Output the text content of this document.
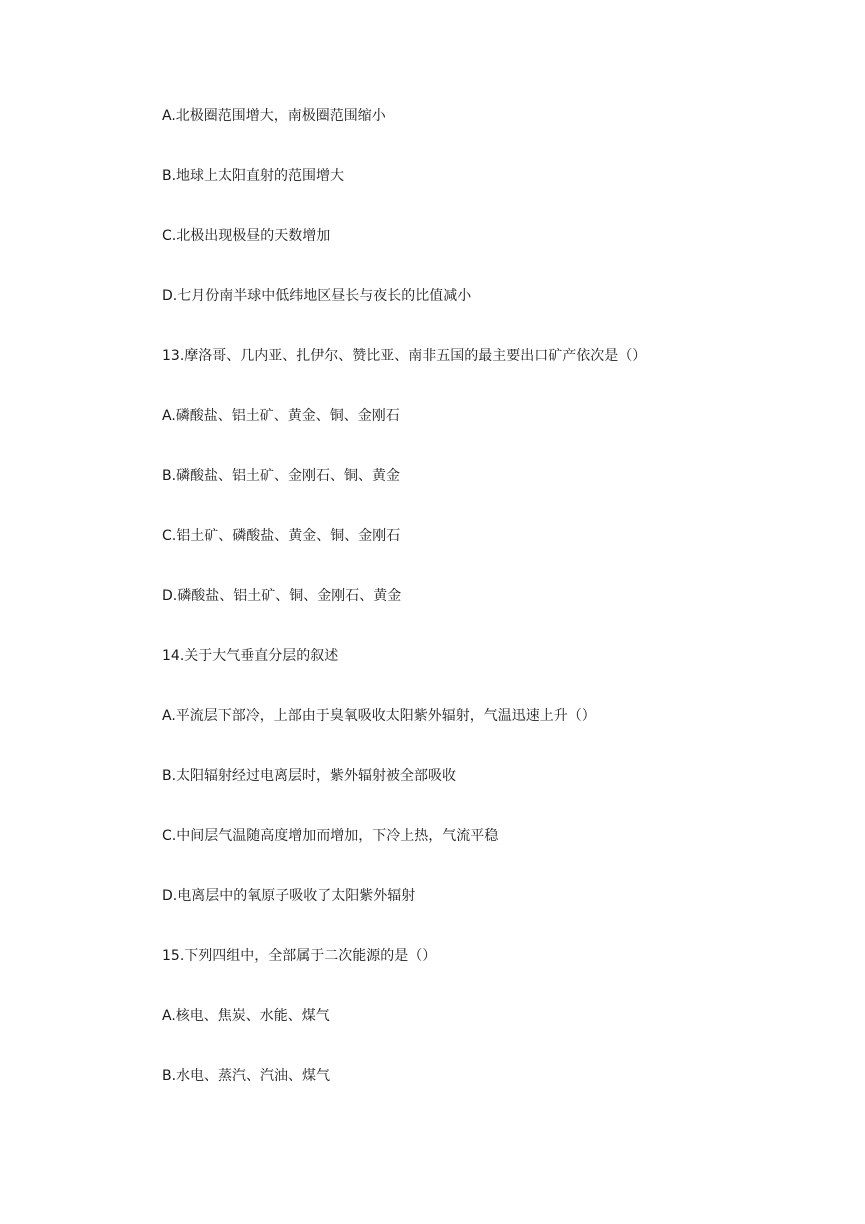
A.北极圈范围增大，南极圈范围缩小

B.地球上太阳直射的范围增大

C.北极出现极昼的天数增加

D.七月份南半球中低纬地区昼长与夜长的比值减小

13.摩洛哥、几内亚、扎伊尔、赞比亚、南非五国的最主要出口矿产依次是（）

A.磷酸盐、铝土矿、黄金、铜、金刚石

B.磷酸盐、铝土矿、金刚石、铜、黄金

C.铝土矿、磷酸盐、黄金、铜、金刚石

D.磷酸盐、铝土矿、铜、金刚石、黄金

14.关于大气垂直分层的叙述

A.平流层下部冷，上部由于臭氧吸收太阳紫外辐射，气温迅速上升（）

B.太阳辐射经过电离层时，紫外辐射被全部吸收

C.中间层气温随高度增加而增加，下冷上热，气流平稳

D.电离层中的氧原子吸收了太阳紫外辐射

15.下列四组中，全部属于二次能源的是（）

A.核电、焦炭、水能、煤气

B.水电、蒸汽、汽油、煤气
